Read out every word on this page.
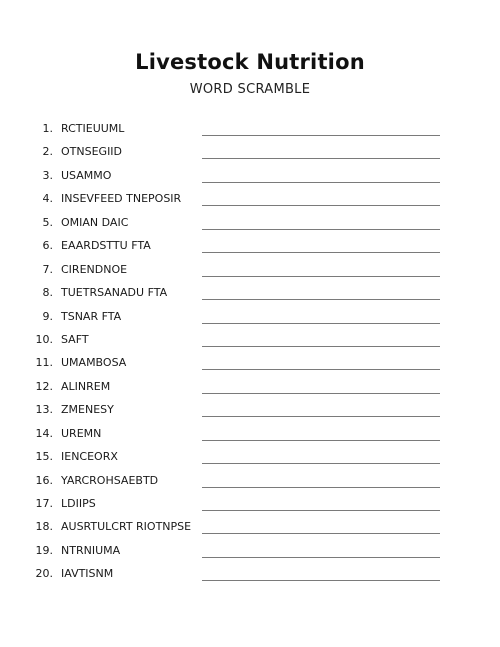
Livestock Nutrition
WORD SCRAMBLE
1. RCTIEUUML
2. OTNSEGIID
3. USAMMO
4. INSEVFEED TNEPOSIR
5. OMIAN DAIC
6. EAARDSTTU FTA
7. CIRENDNOE
8. TUETRSANADU FTA
9. TSNAR FTA
10. SAFT
11. UMAMBOSA
12. ALINREM
13. ZMENESY
14. UREMN
15. IENCEORX
16. YARCROHSAEBTD
17. LDIIPS
18. AUSRTULCRT RIOTNPSE
19. NTRNIUMA
20. IAVTISNM
